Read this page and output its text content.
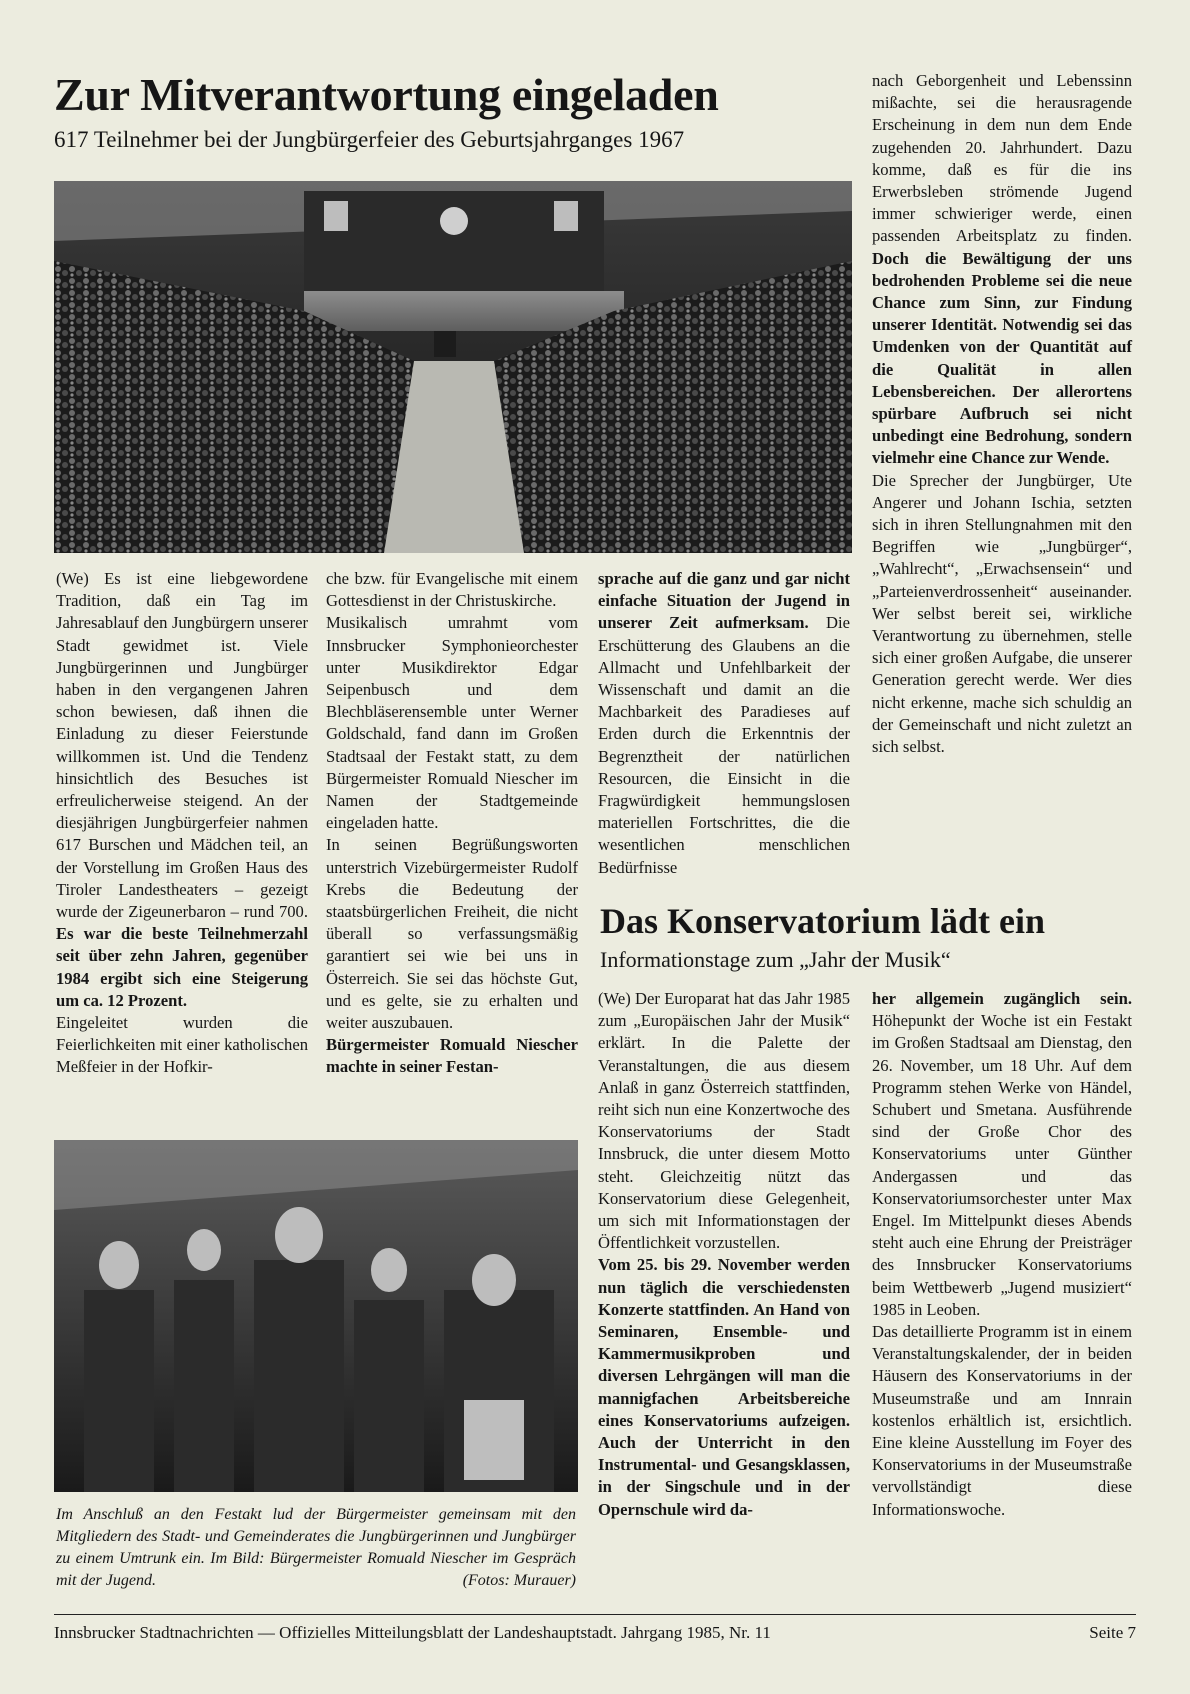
Zur Mitverantwortung eingeladen
617 Teilnehmer bei der Jungbürgerfeier des Geburtsjahrganges 1967

(We) Es ist eine liebgewordene Tradition, daß ein Tag im Jahresablauf den Jungbürgern unserer Stadt gewidmet ist. Viele Jungbürgerinnen und Jungbürger haben in den vergangenen Jahren schon bewiesen, daß ihnen die Einladung zu dieser Feierstunde willkommen ist. Und die Tendenz hinsichtlich des Besuches ist erfreulicherweise steigend. An der diesjährigen Jungbürgerfeier nahmen 617 Burschen und Mädchen teil, an der Vorstellung im Großen Haus des Tiroler Landestheaters – gezeigt wurde der Zigeunerbaron – rund 700. Es war die beste Teilnehmerzahl seit über zehn Jahren, gegenüber 1984 ergibt sich eine Steigerung um ca. 12 Prozent.

Eingeleitet wurden die Feierlichkeiten mit einer katholischen Meßfeier in der Hofkir-

che bzw. für Evangelische mit einem Gottesdienst in der Christuskirche.

Musikalisch umrahmt vom Innsbrucker Symphonieorchester unter Musikdirektor Edgar Seipenbusch und dem Blechbläserensemble unter Werner Goldschald, fand dann im Großen Stadtsaal der Festakt statt, zu dem Bürgermeister Romuald Niescher im Namen der Stadtgemeinde eingeladen hatte.

In seinen Begrüßungsworten unterstrich Vizebürgermeister Rudolf Krebs die Bedeutung der staatsbürgerlichen Freiheit, die nicht überall so verfassungsmäßig garantiert sei wie bei uns in Österreich. Sie sei das höchste Gut, und es gelte, sie zu erhalten und weiter auszubauen.

Bürgermeister Romuald Niescher machte in seiner Festan-

sprache auf die ganz und gar nicht einfache Situation der Jugend in unserer Zeit aufmerksam. Die Erschütterung des Glaubens an die Allmacht und Unfehlbarkeit der Wissenschaft und damit an die Machbarkeit des Paradieses auf Erden durch die Erkenntnis der Begrenztheit der natürlichen Resourcen, die Einsicht in die Fragwürdigkeit hemmungslosen materiellen Fortschrittes, die die wesentlichen menschlichen Bedürfnisse

nach Geborgenheit und Lebenssinn mißachte, sei die herausragende Erscheinung in dem nun dem Ende zugehenden 20. Jahrhundert. Dazu komme, daß es für die ins Erwerbsleben strömende Jugend immer schwieriger werde, einen passenden Arbeitsplatz zu finden. Doch die Bewältigung der uns bedrohenden Probleme sei die neue Chance zum Sinn, zur Findung unserer Identität. Notwendig sei das Umdenken von der Quantität auf die Qualität in allen Lebensbereichen. Der allerortens spürbare Aufbruch sei nicht unbedingt eine Bedrohung, sondern vielmehr eine Chance zur Wende.

Die Sprecher der Jungbürger, Ute Angerer und Johann Ischia, setzten sich in ihren Stellungnahmen mit den Begriffen wie „Jungbürger“, „Wahlrecht“, „Erwachsensein“ und „Parteienverdrossenheit“ auseinander. Wer selbst bereit sei, wirkliche Verantwortung zu übernehmen, stelle sich einer großen Aufgabe, die unserer Generation gerecht werde. Wer dies nicht erkenne, mache sich schuldig an der Gemeinschaft und nicht zuletzt an sich selbst.

Im Anschluß an den Festakt lud der Bürgermeister gemeinsam mit den Mitgliedern des Stadt- und Gemeinderates die Jungbürgerinnen und Jungbürger zu einem Umtrunk ein. Im Bild: Bürgermeister Romuald Niescher im Gespräch mit der Jugend.	(Fotos: Murauer)
Das Konservatorium lädt ein
Informationstage zum „Jahr der Musik“

(We) Der Europarat hat das Jahr 1985 zum „Europäischen Jahr der Musik“ erklärt. In die Palette der Veranstaltungen, die aus diesem Anlaß in ganz Österreich stattfinden, reiht sich nun eine Konzertwoche des Konservatoriums der Stadt Innsbruck, die unter diesem Motto steht. Gleichzeitig nützt das Konservatorium diese Gelegenheit, um sich mit Informationstagen der Öffentlichkeit vorzustellen.

Vom 25. bis 29. November werden nun täglich die verschiedensten Konzerte stattfinden. An Hand von Seminaren, Ensemble- und Kammermusikproben und diversen Lehrgängen will man die mannigfachen Arbeitsbereiche eines Konservatoriums aufzeigen. Auch der Unterricht in den Instrumental- und Gesangsklassen, in der Singschule und in der Opernschule wird da-

her allgemein zugänglich sein. Höhepunkt der Woche ist ein Festakt im Großen Stadtsaal am Dienstag, den 26. November, um 18 Uhr. Auf dem Programm stehen Werke von Händel, Schubert und Smetana. Ausführende sind der Große Chor des Konservatoriums unter Günther Andergassen und das Konservatoriumsorchester unter Max Engel. Im Mittelpunkt dieses Abends steht auch eine Ehrung der Preisträger des Innsbrucker Konservatoriums beim Wettbewerb „Jugend musiziert“ 1985 in Leoben.

Das detaillierte Programm ist in einem Veranstaltungskalender, der in beiden Häusern des Konservatoriums in der Museumstraße und am Innrain kostenlos erhältlich ist, ersichtlich. Eine kleine Ausstellung im Foyer des Konservatoriums in der Museumstraße vervollständigt diese Informationswoche.

Innsbrucker Stadtnachrichten — Offizielles Mitteilungsblatt der Landeshauptstadt. Jahrgang 1985, Nr. 11	Seite 7
